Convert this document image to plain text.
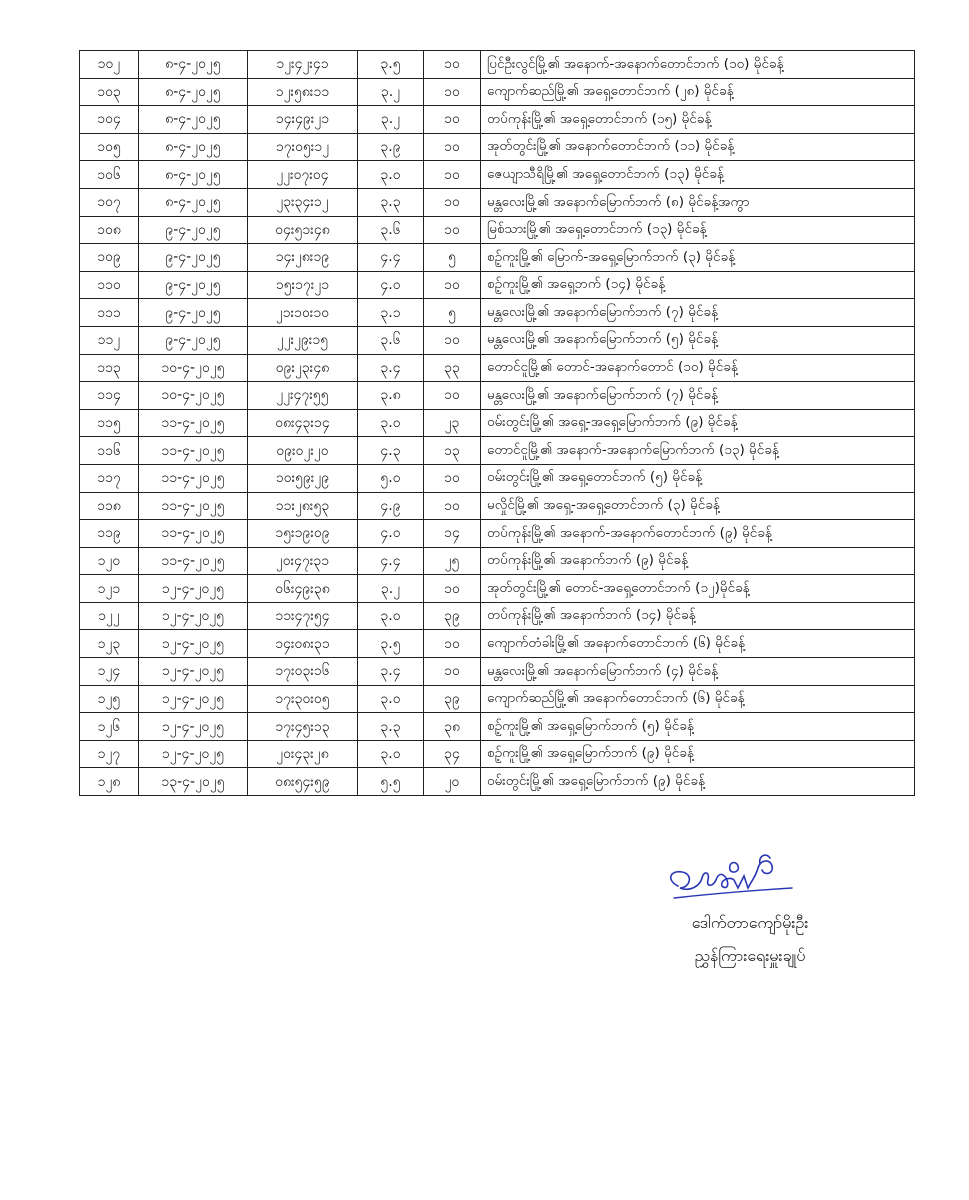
၁၀၂	၈-၄-၂၀၂၅	၁၂း၄၂း၄၁	၃.၅	၁၀	ပြင်ဦးလွင်မြို့၏ အနောက်-အနောက်တောင်ဘက် (၁၀) မိုင်ခန့်
၁၀၃	၈-၄-၂၀၂၅	၁၂း၅၈း၁၁	၃.၂	၁၀	ကျောက်ဆည်မြို့၏ အရှေ့တောင်ဘက် (၂၈) မိုင်ခန့်
၁၀၄	၈-၄-၂၀၂၅	၁၄း၄၉း၂၁	၃.၂	၁၀	တပ်ကုန်းမြို့၏ အရှေ့တောင်ဘက် (၁၅) မိုင်ခန့်
၁၀၅	၈-၄-၂၀၂၅	၁၇း၀၅း၁၂	၃.၉	၁၀	အုတ်တွင်းမြို့၏ အနောက်တောင်ဘက် (၁၁) မိုင်ခန့်
၁၀၆	၈-၄-၂၀၂၅	၂၂း၀၇း၀၄	၃.၀	၁၀	ဇေယျာသီရိမြို့၏ အရှေ့တောင်ဘက် (၁၃) မိုင်ခန့်
၁၀၇	၈-၄-၂၀၂၅	၂၃း၃၄း၁၂	၃.၃	၁၀	မန္တလေးမြို့၏ အနောက်မြောက်ဘက် (၈) မိုင်ခန့်အကွာ
၁၀၈	၉-၄-၂၀၂၅	၀၄း၅၁း၄၈	၃.၆	၁၀	မြစ်သားမြို့၏ အရှေ့တောင်ဘက် (၁၃) မိုင်ခန့်
၁၀၉	၉-၄-၂၀၂၅	၁၄း၂၈း၁၉	၄.၄	၅	စဉ့်ကူးမြို့၏ မြောက်-အရှေ့မြောက်ဘက် (၃) မိုင်ခန့်
၁၁၀	၉-၄-၂၀၂၅	၁၅း၁၇း၂၁	၄.၀	၁၀	စဉ့်ကူးမြို့၏ အရှေ့ဘက် (၁၄) မိုင်ခန့်
၁၁၁	၉-၄-၂၀၂၅	၂၁း၁၀း၁၀	၃.၁	၅	မန္တလေးမြို့၏ အနောက်မြောက်ဘက် (၇) မိုင်ခန့်
၁၁၂	၉-၄-၂၀၂၅	၂၂း၂၉း၁၅	၃.၆	၁၀	မန္တလေးမြို့၏ အနောက်မြောက်ဘက် (၅) မိုင်ခန့်
၁၁၃	၁၀-၄-၂၀၂၅	၀၉း၂၃း၄၈	၃.၄	၃၃	တောင်ငူမြို့၏ တောင်-အနောက်တောင် (၁၀) မိုင်ခန့်
၁၁၄	၁၀-၄-၂၀၂၅	၂၂း၄၇း၅၅	၃.၈	၁၀	မန္တလေးမြို့၏ အနောက်မြောက်ဘက် (၇) မိုင်ခန့်
၁၁၅	၁၁-၄-၂၀၂၅	၀၈း၄၃း၁၄	၃.၀	၂၃	ဝမ်းတွင်းမြို့၏ အရှေ့-အရှေ့မြောက်ဘက် (၉) မိုင်ခန့်
၁၁၆	၁၁-၄-၂၀၂၅	၀၉း၀၂း၂၀	၄.၃	၁၃	တောင်ငူမြို့၏ အနောက်-အနောက်မြောက်ဘက် (၁၃) မိုင်ခန့်
၁၁၇	၁၁-၄-၂၀၂၅	၁၀း၅၉း၂၉	၅.၀	၁၀	ဝမ်းတွင်းမြို့၏ အရှေ့တောင်ဘက် (၅) မိုင်ခန့်
၁၁၈	၁၁-၄-၂၀၂၅	၁၁း၂၈း၅၃	၄.၉	၁၀	မလှိုင်မြို့၏ အရှေ့-အရှေ့တောင်ဘက် (၃) မိုင်ခန့်
၁၁၉	၁၁-၄-၂၀၂၅	၁၅း၁၉း၀၉	၄.၀	၁၄	တပ်ကုန်းမြို့၏ အနောက်-အနောက်တောင်ဘက် (၉) မိုင်ခန့်
၁၂၀	၁၁-၄-၂၀၂၅	၂၀း၄၇း၃၁	၄.၄	၂၅	တပ်ကုန်းမြို့၏ အနောက်ဘက် (၉) မိုင်ခန့်
၁၂၁	၁၂-၄-၂၀၂၅	၀၆း၄၉း၃၈	၃.၂	၁၀	အုတ်တွင်းမြို့၏ တောင်-အရှေ့တောင်ဘက် (၁၂)မိုင်ခန့်
၁၂၂	၁၂-၄-၂၀၂၅	၁၁း၄၇း၅၄	၃.၀	၃၉	တပ်ကုန်းမြို့၏ အနောက်ဘက် (၁၄) မိုင်ခန့်
၁၂၃	၁၂-၄-၂၀၂၅	၁၄း၀၈း၃၁	၃.၅	၁၀	ကျောက်တံခါးမြို့၏ အနောက်တောင်ဘက် (၆) မိုင်ခန့်
၁၂၄	၁၂-၄-၂၀၂၅	၁၇း၀၃း၁၆	၃.၄	၁၀	မန္တလေးမြို့၏ အနောက်မြောက်ဘက် (၄) မိုင်ခန့်
၁၂၅	၁၂-၄-၂၀၂၅	၁၇း၃၀း၀၅	၃.၀	၃၉	ကျောက်ဆည်မြို့၏ အနောက်တောင်ဘက် (၆) မိုင်ခန့်
၁၂၆	၁၂-၄-၂၀၂၅	၁၇း၄၅း၁၃	၃.၃	၃၈	စဉ့်ကူးမြို့၏ အရှေ့မြောက်ဘက် (၅) မိုင်ခန့်
၁၂၇	၁၂-၄-၂၀၂၅	၂၀း၄၃း၂၈	၃.၀	၃၄	စဉ့်ကူးမြို့၏ အရှေ့မြောက်ဘက် (၉) မိုင်ခန့်
၁၂၈	၁၃-၄-၂၀၂၅	၀၈း၅၄း၅၉	၅.၅	၂၀	ဝမ်းတွင်းမြို့၏ အရှေ့မြောက်ဘက် (၉) မိုင်ခန့်
ဒေါက်တာကျော်မိုးဦး
ညွှန်ကြားရေးမှူးချုပ်
